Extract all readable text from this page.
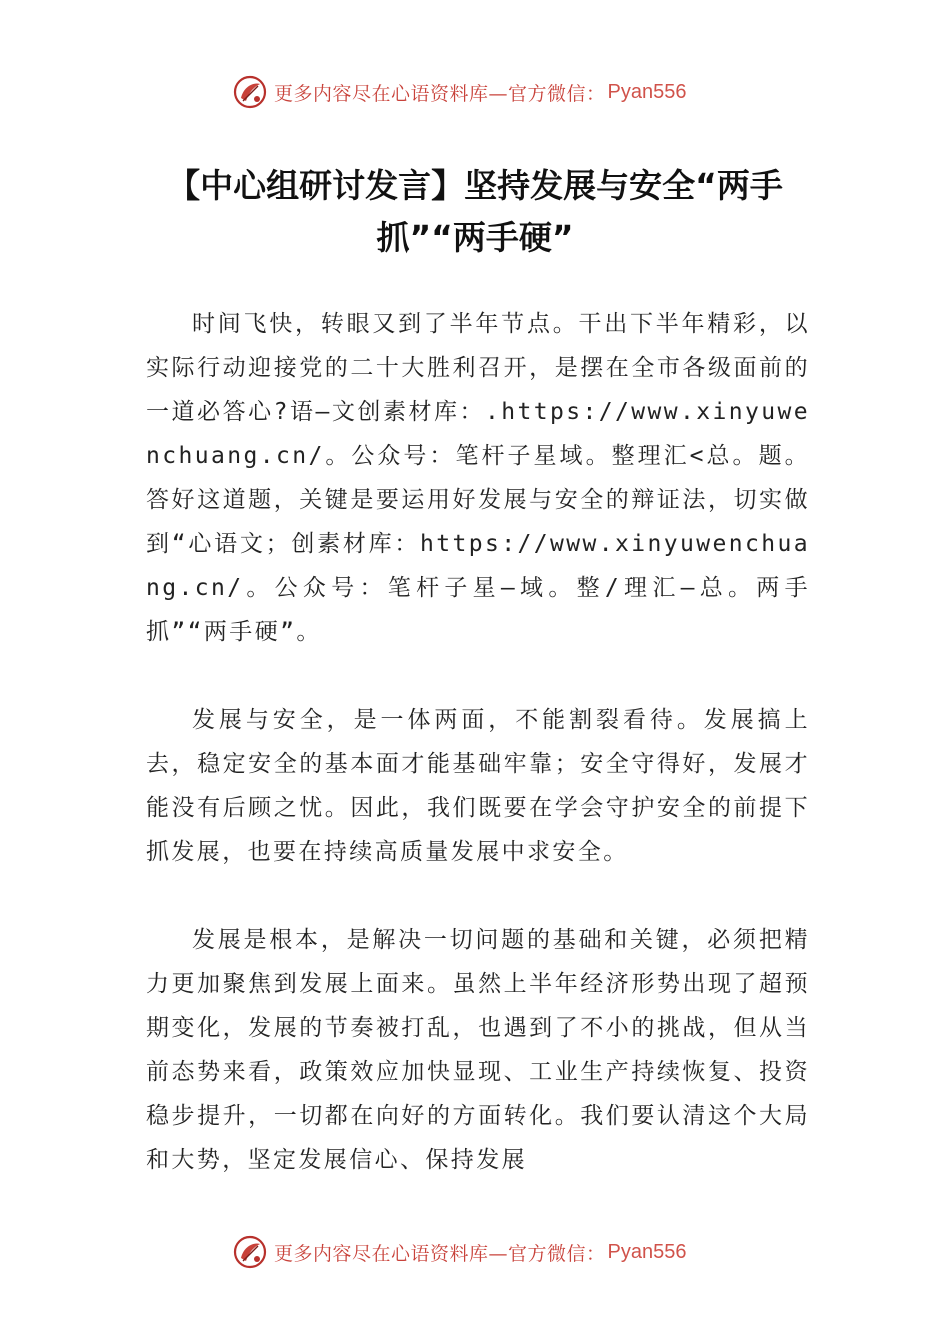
更多内容尽在心语资料库—官方微信： Pyan556
【中心组研讨发言】坚持发展与安全“两手抓”“两手硬”

时间飞快，转眼又到了半年节点。干出下半年精彩，以实际行动迎接党的二十大胜利召开，是摆在全市各级面前的一道必答心?语—文创素材库：.https://www.xinyuwenchuang.cn/。公众号：笔杆子星域。整理汇<总。题。答好这道题，关键是要运用好发展与安全的辩证法，切实做到“心语文；创素材库：https://www.xinyuwenchuang.cn/。公众号：笔杆子星—域。整/理汇—总。两手抓”“两手硬”。

发展与安全，是一体两面，不能割裂看待。发展搞上去，稳定安全的基本面才能基础牢靠；安全守得好，发展才能没有后顾之忧。因此，我们既要在学会守护安全的前提下抓发展，也要在持续高质量发展中求安全。

发展是根本，是解决一切问题的基础和关键，必须把精力更加聚焦到发展上面来。虽然上半年经济形势出现了超预期变化，发展的节奏被打乱，也遇到了不小的挑战，但从当前态势来看，政策效应加快显现、工业生产持续恢复、投资稳步提升，一切都在向好的方面转化。我们要认清这个大局和大势，坚定发展信心、保持发展

更多内容尽在心语资料库—官方微信： Pyan556
